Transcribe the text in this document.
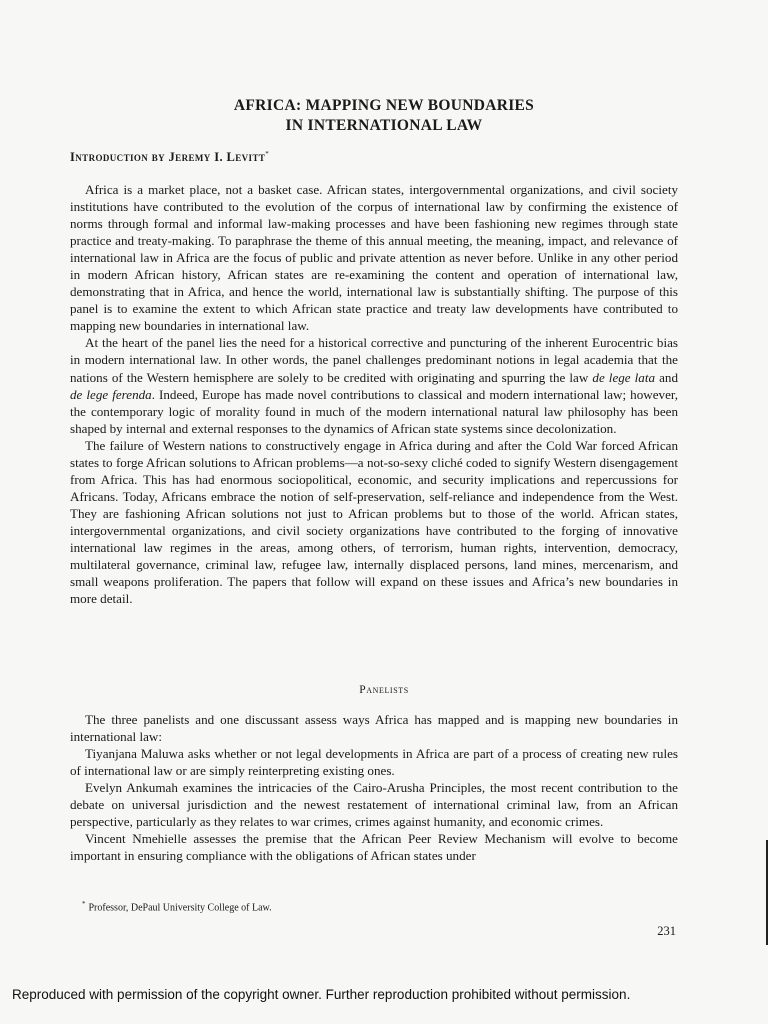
AFRICA: MAPPING NEW BOUNDARIES
IN INTERNATIONAL LAW
Introduction by Jeremy I. Levitt*

Africa is a market place, not a basket case. African states, intergovernmental organizations, and civil society institutions have contributed to the evolution of the corpus of international law by confirming the existence of norms through formal and informal law-making processes and have been fashioning new regimes through state practice and treaty-making. To paraphrase the theme of this annual meeting, the meaning, impact, and relevance of international law in Africa are the focus of public and private attention as never before. Unlike in any other period in modern African history, African states are re-examining the content and operation of international law, demonstrating that in Africa, and hence the world, international law is substantially shifting. The purpose of this panel is to examine the extent to which African state practice and treaty law developments have contributed to mapping new boundaries in international law.

At the heart of the panel lies the need for a historical corrective and puncturing of the inherent Eurocentric bias in modern international law. In other words, the panel challenges predominant notions in legal academia that the nations of the Western hemisphere are solely to be credited with originating and spurring the law de lege lata and de lege ferenda. Indeed, Europe has made novel contributions to classical and modern international law; however, the contemporary logic of morality found in much of the modern international natural law philosophy has been shaped by internal and external responses to the dynamics of African state systems since decolonization.

The failure of Western nations to constructively engage in Africa during and after the Cold War forced African states to forge African solutions to African problems—a not-so-sexy cliché coded to signify Western disengagement from Africa. This has had enormous sociopolitical, economic, and security implications and repercussions for Africans. Today, Africans embrace the notion of self-preservation, self-reliance and independence from the West. They are fashioning African solutions not just to African problems but to those of the world. African states, intergovernmental organizations, and civil society organizations have contributed to the forging of innovative international law regimes in the areas, among others, of terrorism, human rights, intervention, democracy, multilateral governance, criminal law, refugee law, internally displaced persons, land mines, mercenarism, and small weapons proliferation. The papers that follow will expand on these issues and Africa’s new boundaries in more detail.

Panelists

The three panelists and one discussant assess ways Africa has mapped and is mapping new boundaries in international law:

Tiyanjana Maluwa asks whether or not legal developments in Africa are part of a process of creating new rules of international law or are simply reinterpreting existing ones.

Evelyn Ankumah examines the intricacies of the Cairo-Arusha Principles, the most recent contribution to the debate on universal jurisdiction and the newest restatement of international criminal law, from an African perspective, particularly as they relates to war crimes, crimes against humanity, and economic crimes.

Vincent Nmehielle assesses the premise that the African Peer Review Mechanism will evolve to become important in ensuring compliance with the obligations of African states under

* Professor, DePaul University College of Law.
231
Reproduced with permission of the copyright owner. Further reproduction prohibited without permission.
